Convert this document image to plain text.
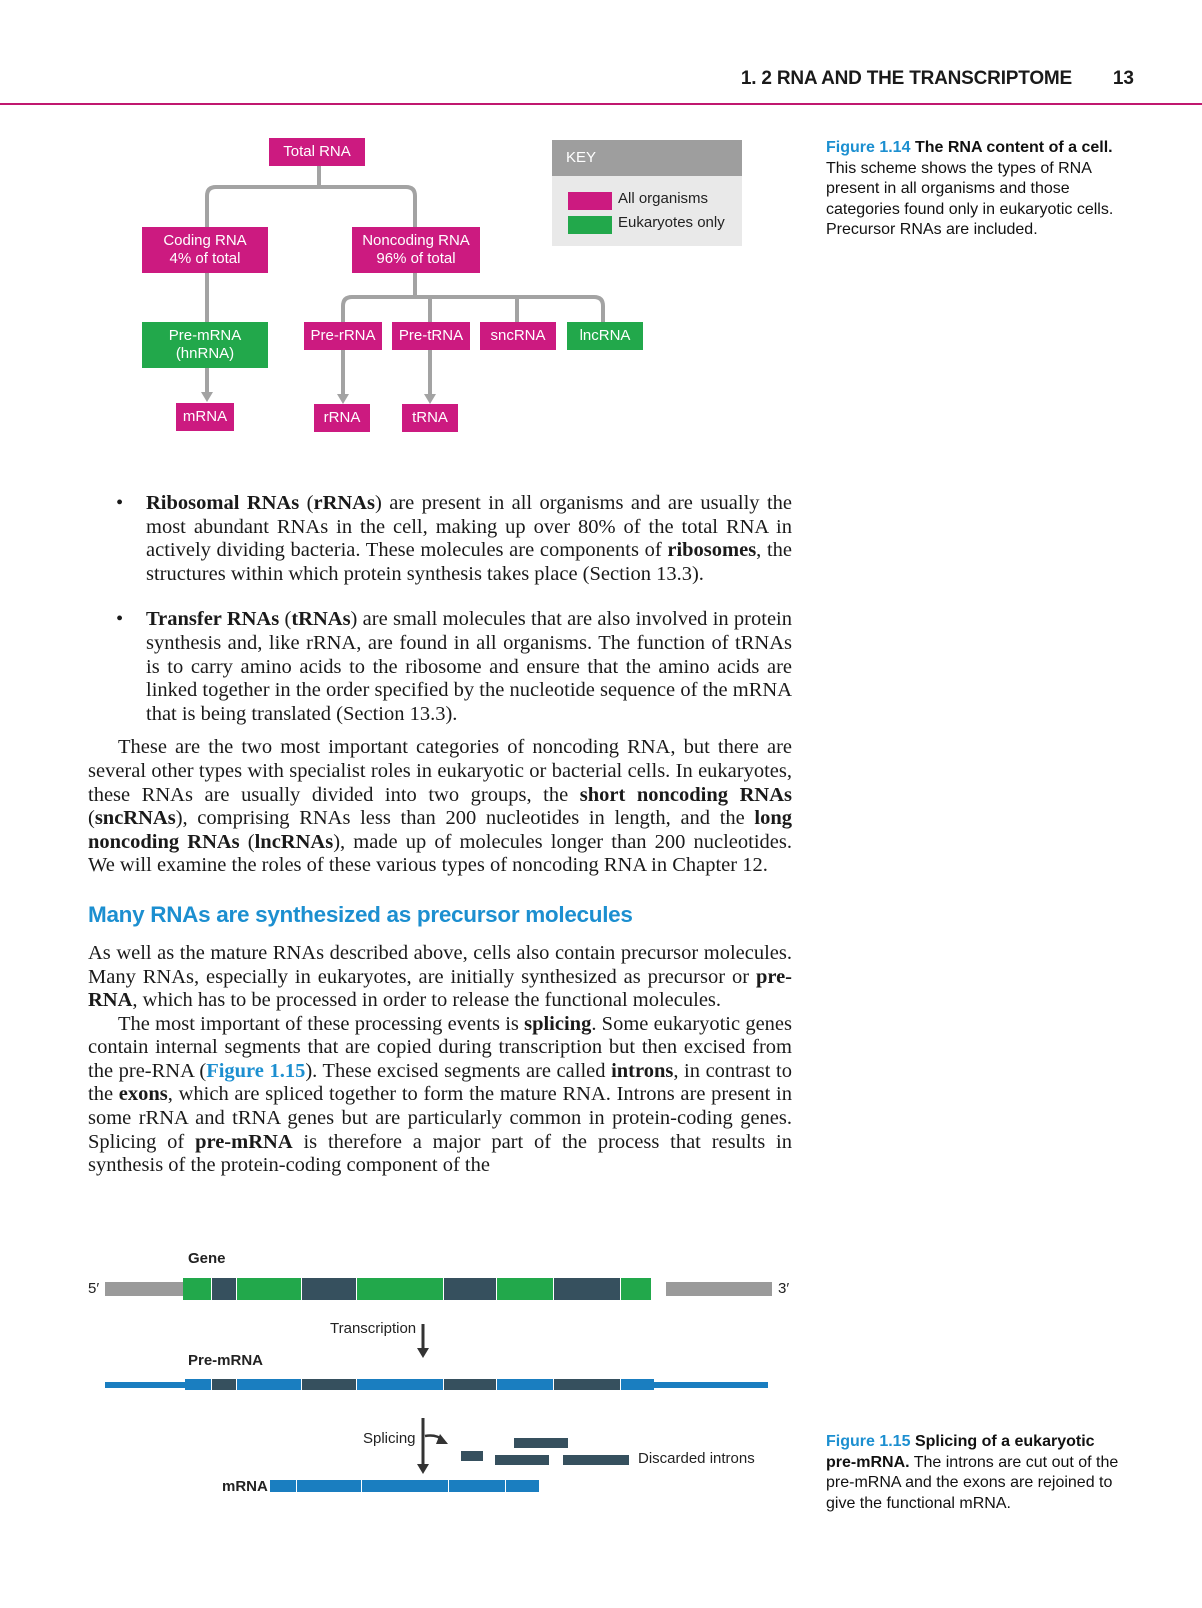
1. 2 RNA AND THE TRANSCRIPTOME 13
Total RNA
Coding RNA
4% of total
Noncoding RNA
96% of total
Pre-mRNA
(hnRNA)
Pre-rRNA	Pre-tRNA	sncRNA	lncRNA
mRNA	rRNA	tRNA
KEY
All organisms
Eukaryotes only
Figure 1.14 The RNA content of a cell. This scheme shows the types of RNA present in all organisms and those categories found only in eukaryotic cells. Precursor RNAs are included.
• Ribosomal RNAs (rRNAs) are present in all organisms and are usually the most abundant RNAs in the cell, making up over 80% of the total RNA in actively dividing bacteria. These molecules are components of ribosomes, the structures within which protein synthesis takes place (Section 13.3).
• Transfer RNAs (tRNAs) are small molecules that are also involved in protein synthesis and, like rRNA, are found in all organisms. The function of tRNAs is to carry amino acids to the ribosome and ensure that the amino acids are linked together in the order specified by the nucleotide sequence of the mRNA that is being translated (Section 13.3).

These are the two most important categories of noncoding RNA, but there are several other types with specialist roles in eukaryotic or bacterial cells. In eukaryotes, these RNAs are usually divided into two groups, the short noncoding RNAs (sncRNAs), comprising RNAs less than 200 nucleotides in length, and the long noncoding RNAs (lncRNAs), made up of molecules longer than 200 nucleotides. We will examine the roles of these various types of noncoding RNA in Chapter 12.

Many RNAs are synthesized as precursor molecules

As well as the mature RNAs described above, cells also contain precursor molecules. Many RNAs, especially in eukaryotes, are initially synthesized as precursor or pre-RNA, which has to be processed in order to release the functional molecules.

The most important of these processing events is splicing. Some eukaryotic genes contain internal segments that are copied during transcription but then excised from the pre-RNA (Figure 1.15). These excised segments are called introns, in contrast to the exons, which are spliced together to form the mature RNA. Introns are present in some rRNA and tRNA genes but are particularly common in protein-coding genes. Splicing of pre-mRNA is therefore a major part of the process that results in synthesis of the protein-coding component of the

Gene
5′	3′
Transcription
Pre-mRNA
Splicing
Discarded introns
mRNA
Figure 1.15 Splicing of a eukaryotic pre-mRNA. The introns are cut out of the pre-mRNA and the exons are rejoined to give the functional mRNA.
